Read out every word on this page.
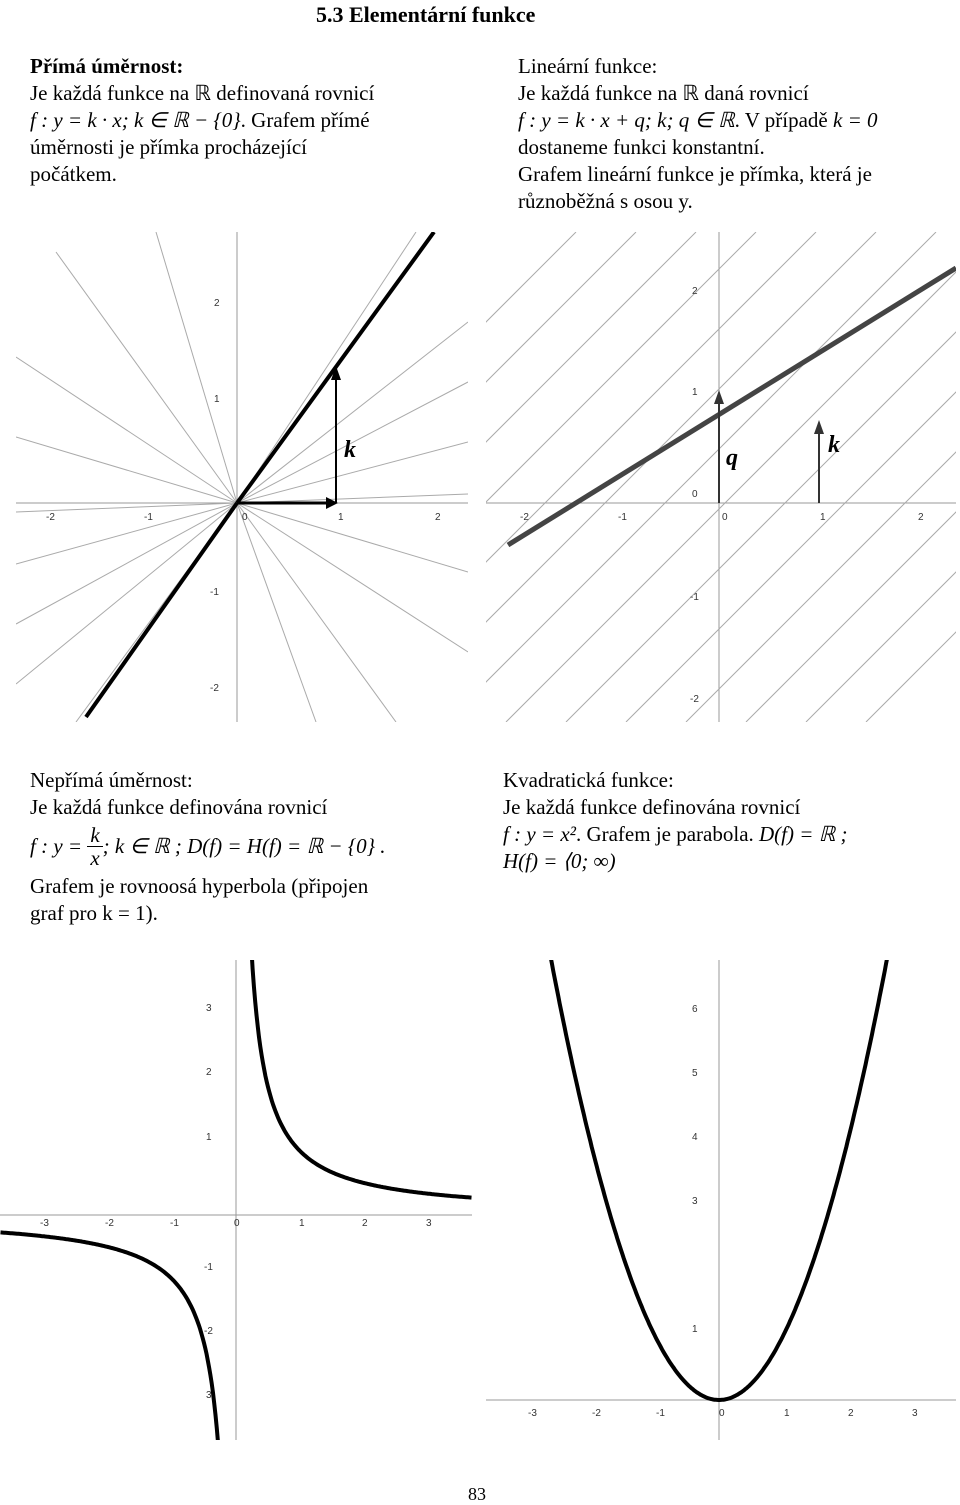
5.3 Elementární funkce
Přímá úměrnost:
Je každá funkce na ℝ definovaná rovnicí
f : y = k · x; k ∈ ℝ − {0}. Grafem přímé
úměrnosti je přímka procházející
počátkem.
Lineární funkce:
Je každá funkce na ℝ daná rovnicí
f : y = k · x + q; k; q ∈ ℝ. V případě k = 0
dostaneme funkci konstantní.
Grafem lineární funkce je přímka, která je
různoběžná s osou y.
k
-2	-1	0	1	2
2
1
-1
-2
q	k
-2	-1	0	1	2
2
1
0
-1
-2
Nepřímá úměrnost:
Je každá funkce definována rovnicí
f : $y = \frac{k}{x}$ ; k ∈ ℝ ; D(f) = H(f) = ℝ − {0} .
Grafem je rovnoosá hyperbola (připojen
graf pro k = 1).
Kvadratická funkce:
Je každá funkce definována rovnicí
f : y = x². Grafem je parabola. D(f) = ℝ ;
H(f) = ⟨0; ∞)
-3	-2	-1	0	1	2	3
3
2
1
-1
-2
3
-3	-2	-1	0	1	2	3
6
5
4
3
1
83
